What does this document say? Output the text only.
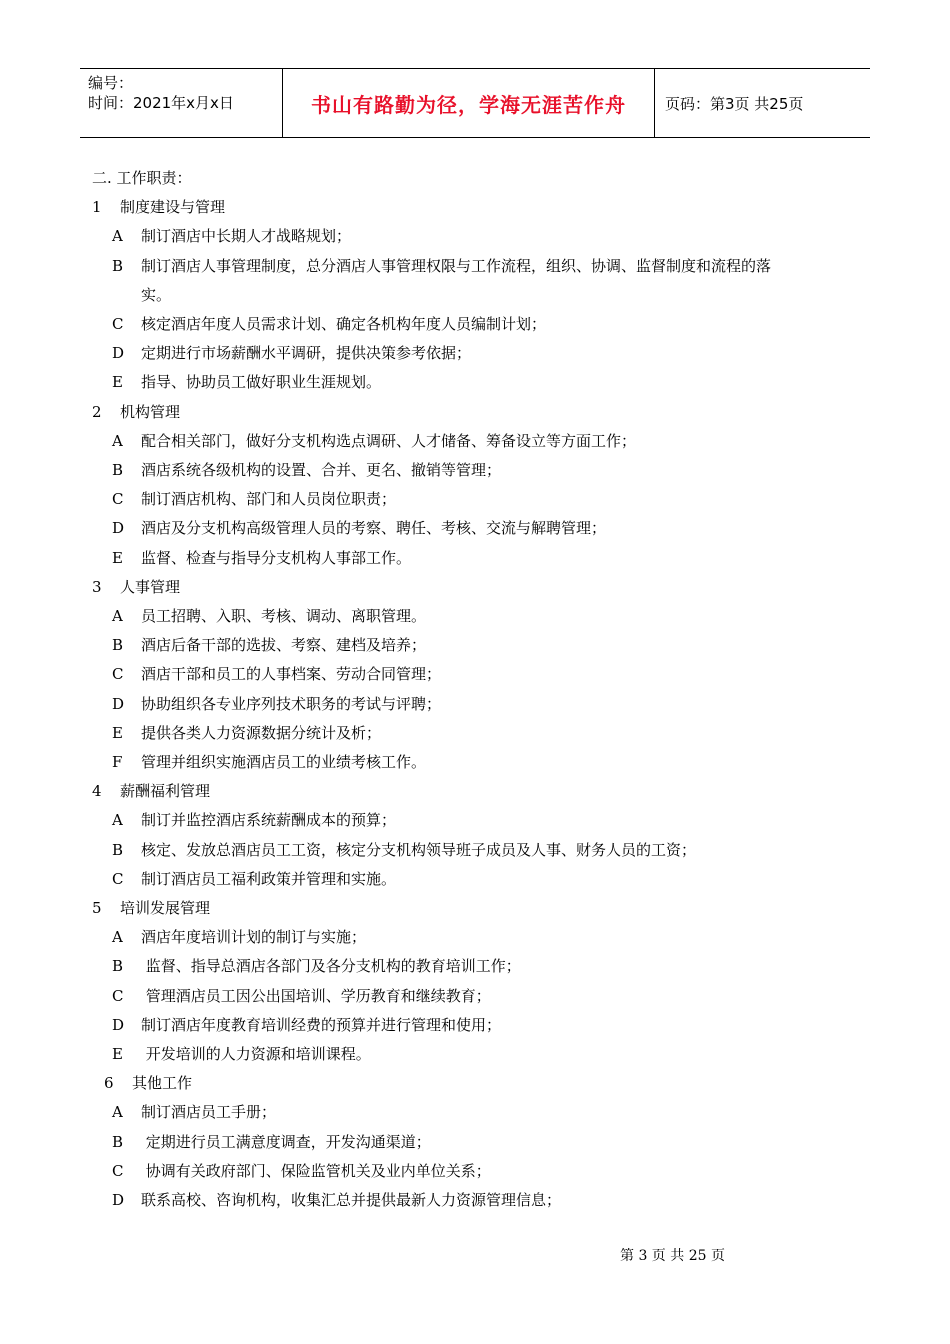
编号：
时间：2021年x月x日	书山有路勤为径，学海无涯苦作舟	页码：第3页 共25页
二. 工作职责：
1 制度建设与管理
A 制订酒店中长期人才战略规划；
B 制订酒店人事管理制度，总分酒店人事管理权限与工作流程，组织、协调、监督制度和流程的落
实。
C 核定酒店年度人员需求计划、确定各机构年度人员编制计划；
D 定期进行市场薪酬水平调研，提供决策参考依据；
E 指导、协助员工做好职业生涯规划。
2 机构管理
A 配合相关部门，做好分支机构选点调研、人才储备、筹备设立等方面工作；
B 酒店系统各级机构的设置、合并、更名、撤销等管理；
C 制订酒店机构、部门和人员岗位职责；
D 酒店及分支机构高级管理人员的考察、聘任、考核、交流与解聘管理；
E 监督、检查与指导分支机构人事部工作。
3 人事管理
A 员工招聘、入职、考核、调动、离职管理。
B 酒店后备干部的选拔、考察、建档及培养；
C 酒店干部和员工的人事档案、劳动合同管理；
D 协助组织各专业序列技术职务的考试与评聘；
E 提供各类人力资源数据分统计及析；
F 管理并组织实施酒店员工的业绩考核工作。
4 薪酬福利管理
A 制订并监控酒店系统薪酬成本的预算；
B 核定、发放总酒店员工工资，核定分支机构领导班子成员及人事、财务人员的工资；
C 制订酒店员工福利政策并管理和实施。
5 培训发展管理
A 酒店年度培训计划的制订与实施；
B 监督、指导总酒店各部门及各分支机构的教育培训工作；
C 管理酒店员工因公出国培训、学历教育和继续教育；
D 制订酒店年度教育培训经费的预算并进行管理和使用；
E 开发培训的人力资源和培训课程。
6 其他工作
A 制订酒店员工手册；
B 定期进行员工满意度调查，开发沟通渠道；
C 协调有关政府部门、保险监管机关及业内单位关系；
D 联系高校、咨询机构，收集汇总并提供最新人力资源管理信息；
第 3 页 共 25 页
